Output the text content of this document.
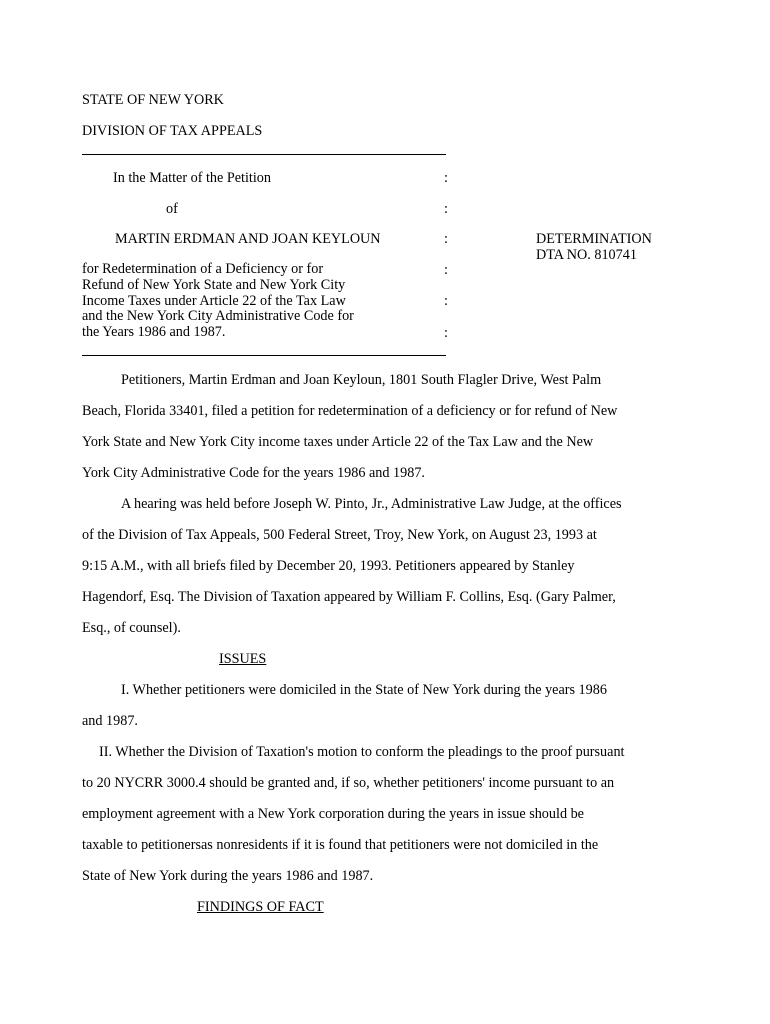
STATE OF NEW YORK
DIVISION OF TAX APPEALS
In the Matter of the Petition
of
MARTIN ERDMAN AND JOAN KEYLOUN
for Redetermination of a Deficiency or for
Refund of New York State and New York City
Income Taxes under Article 22 of the Tax Law
and the New York City Administrative Code for
the Years 1986 and 1987.
:
:
:
:
:
:
DETERMINATION
DTA NO. 810741
Petitioners, Martin Erdman and Joan Keyloun, 1801 South Flagler Drive, West Palm
Beach, Florida 33401, filed a petition for redetermination of a deficiency or for refund of New
York State and New York City income taxes under Article 22 of the Tax Law and the New
York City Administrative Code for the years 1986 and 1987.
A hearing was held before Joseph W. Pinto, Jr., Administrative Law Judge, at the offices
of the Division of Tax Appeals, 500 Federal Street, Troy, New York, on August 23, 1993 at
9:15 A.M., with all briefs filed by December 20, 1993. Petitioners appeared by Stanley
Hagendorf, Esq. The Division of Taxation appeared by William F. Collins, Esq. (Gary Palmer,
Esq., of counsel).
ISSUES
I. Whether petitioners were domiciled in the State of New York during the years 1986
and 1987.
II. Whether the Division of Taxation's motion to conform the pleadings to the proof pursuant
to 20 NYCRR 3000.4 should be granted and, if so, whether petitioners' income pursuant to an
employment agreement with a New York corporation during the years in issue should be
taxable to petitionersas nonresidents if it is found that petitioners were not domiciled in the
State of New York during the years 1986 and 1987.
FINDINGS OF FACT
